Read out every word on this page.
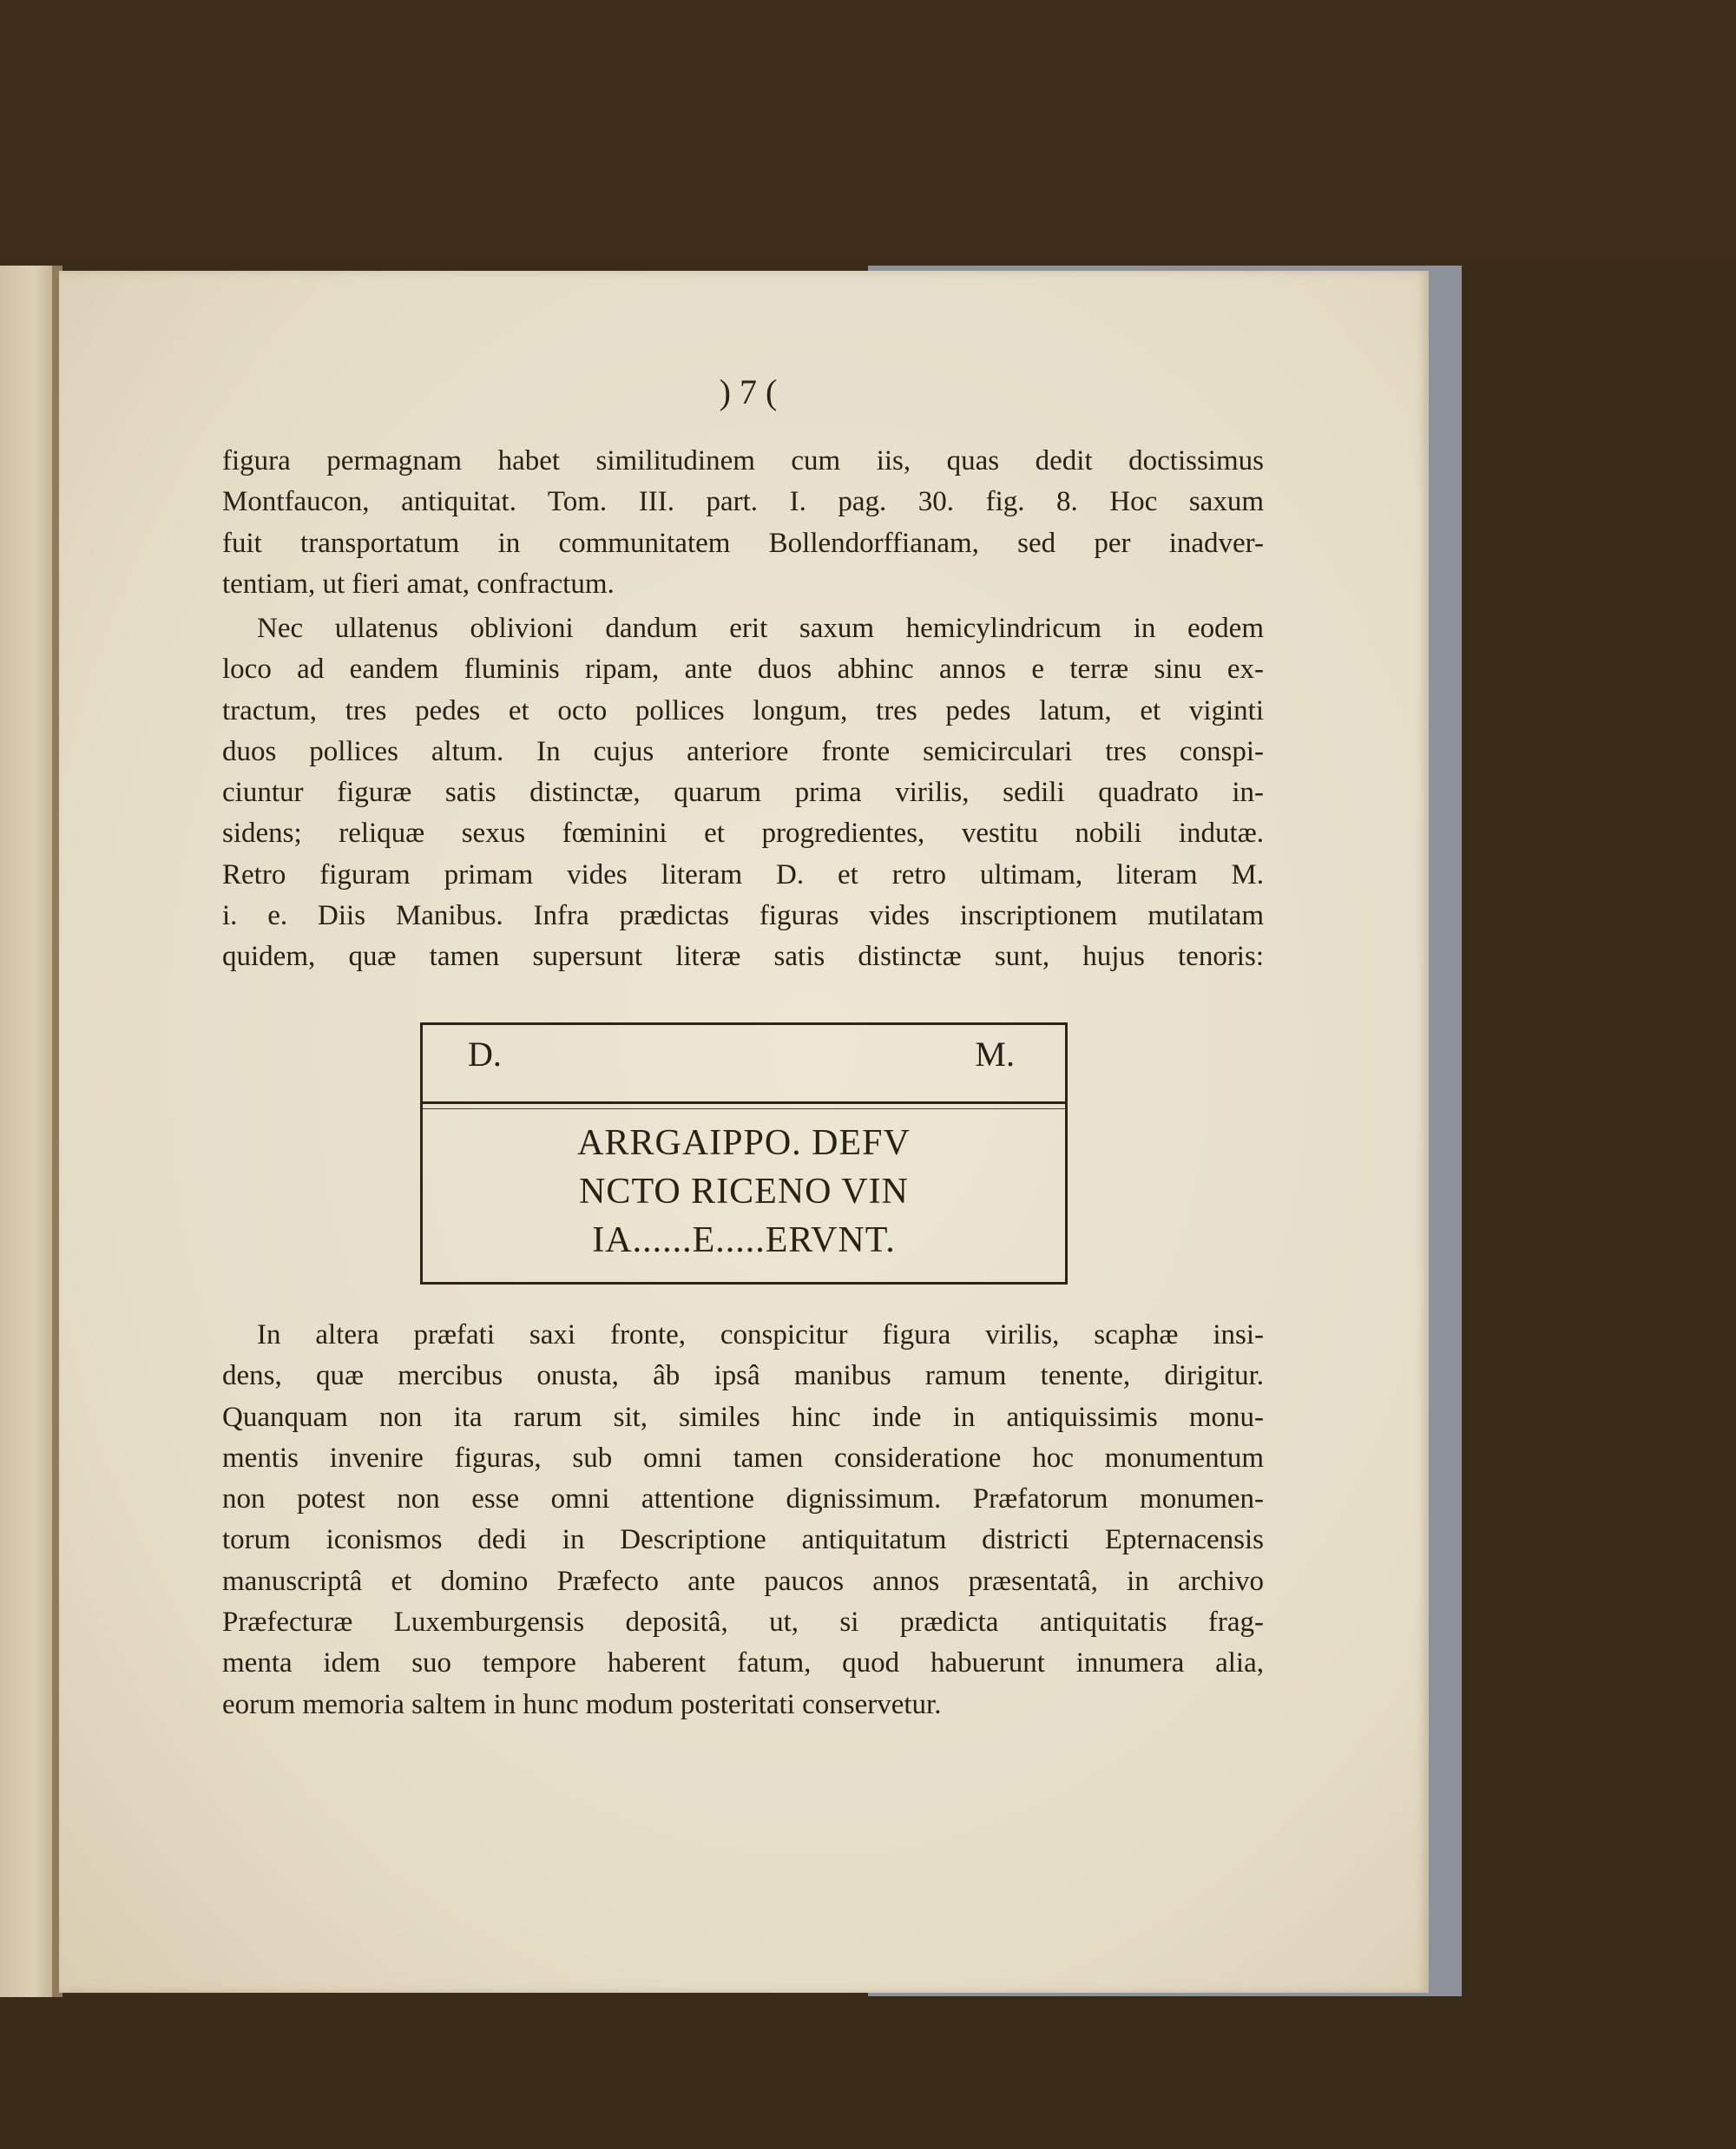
) 7 (
figura permagnam habet similitudinem cum iis, quas dedit doctissimus
Montfaucon, antiquitat. Tom. III. part. I. pag. 30. fig. 8. Hoc saxum
fuit transportatum in communitatem Bollendorffianam, sed per inadver-
tentiam, ut fieri amat, confractum.
Nec ullatenus oblivioni dandum erit saxum hemicylindricum in eodem
loco ad eandem fluminis ripam, ante duos abhinc annos e terræ sinu ex-
tractum, tres pedes et octo pollices longum, tres pedes latum, et viginti
duos pollices altum. In cujus anteriore fronte semicirculari tres conspi-
ciuntur figuræ satis distinctæ, quarum prima virilis, sedili quadrato in-
sidens; reliquæ sexus fœminini et progredientes, vestitu nobili indutæ.
Retro figuram primam vides literam D. et retro ultimam, literam M.
i. e. Diis Manibus. Infra prædictas figuras vides inscriptionem mutilatam
quidem, quæ tamen supersunt literæ satis distinctæ sunt, hujus tenoris:
D.	M.
ARRGAIPPO. DEFV
NCTO RICENO VIN
IA......E.....ERVNT.
In altera præfati saxi fronte, conspicitur figura virilis, scaphæ insi-
dens, quæ mercibus onusta, âb ipsâ manibus ramum tenente, dirigitur.
Quanquam non ita rarum sit, similes hinc inde in antiquissimis monu-
mentis invenire figuras, sub omni tamen consideratione hoc monumentum
non potest non esse omni attentione dignissimum. Præfatorum monumen-
torum iconismos dedi in Descriptione antiquitatum districti Epternacensis
manuscriptâ et domino Præfecto ante paucos annos præsentatâ, in archivo
Præfecturæ Luxemburgensis depositâ, ut, si prædicta antiquitatis frag-
menta idem suo tempore haberent fatum, quod habuerunt innumera alia,
eorum memoria saltem in hunc modum posteritati conservetur.
